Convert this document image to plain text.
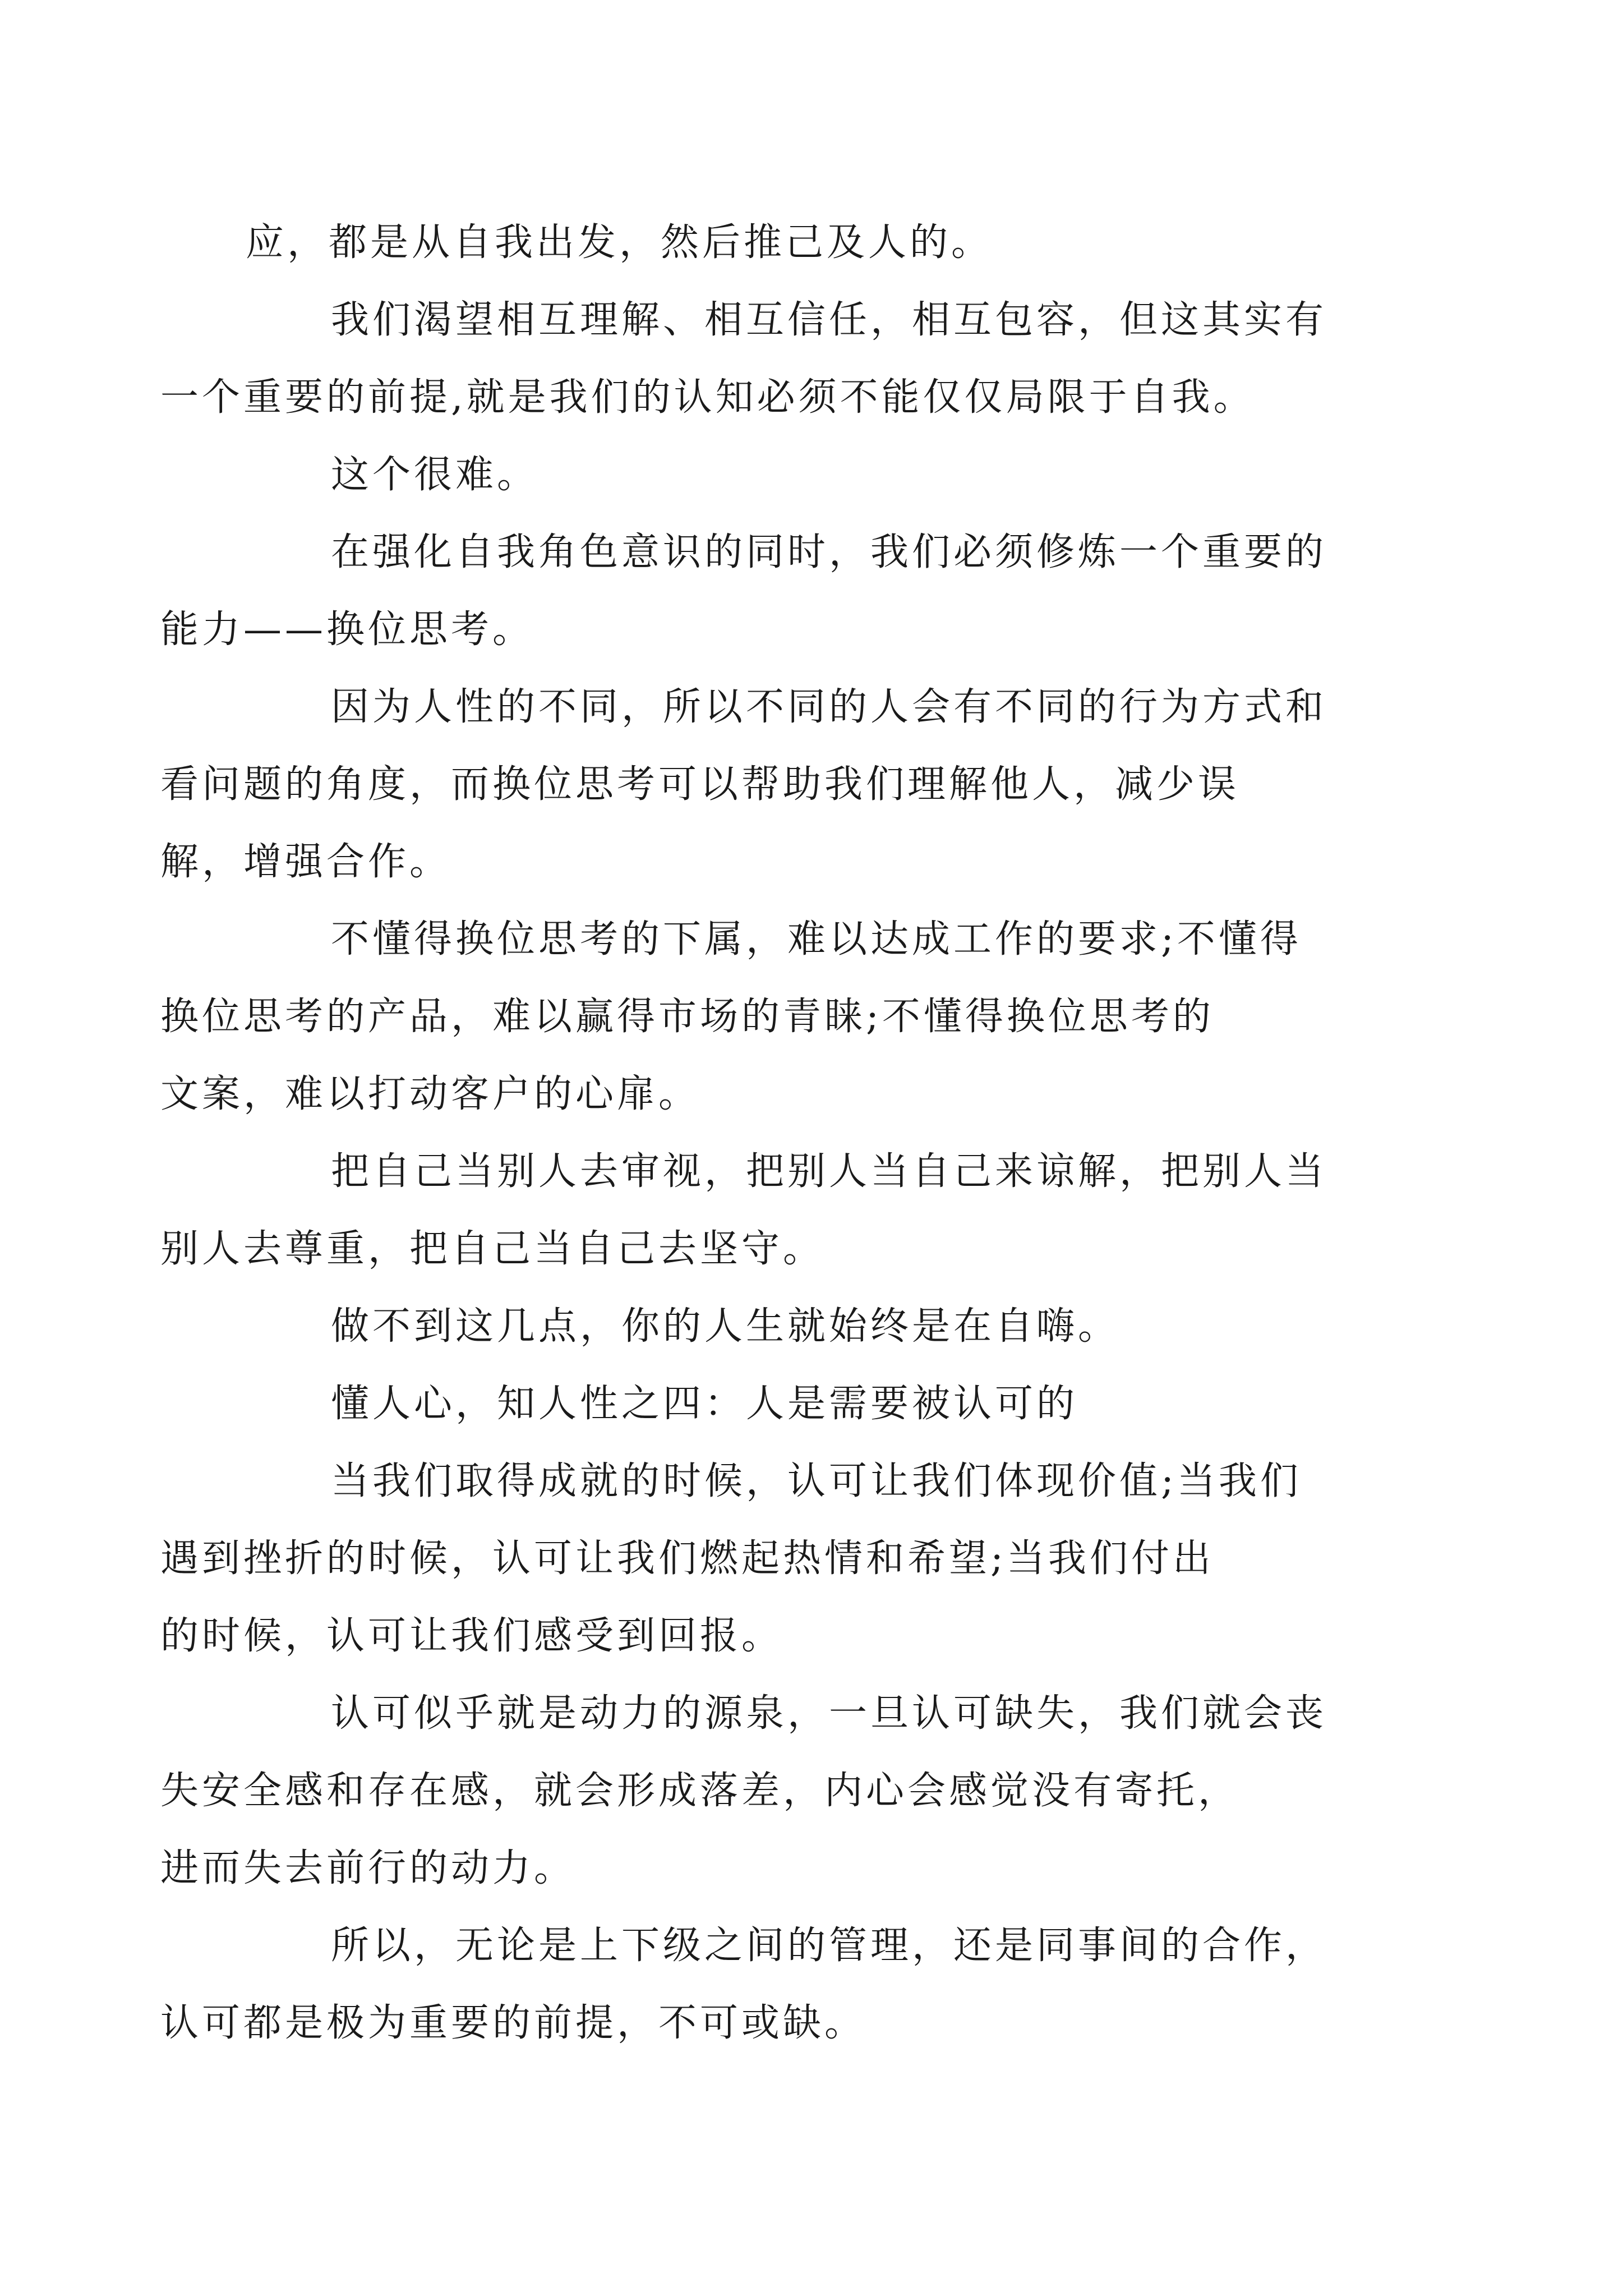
应，都是从自我出发，然后推己及人的。

我们渴望相互理解、相互信任，相互包容，但这其实有
一个重要的前提,就是我们的认知必须不能仅仅局限于自我。

这个很难。

在强化自我角色意识的同时，我们必须修炼一个重要的
能力——换位思考。

因为人性的不同，所以不同的人会有不同的行为方式和
看问题的角度，而换位思考可以帮助我们理解他人，减少误
解，增强合作。

不懂得换位思考的下属，难以达成工作的要求;不懂得
换位思考的产品，难以赢得市场的青睐;不懂得换位思考的
文案，难以打动客户的心扉。

把自己当别人去审视，把别人当自己来谅解，把别人当
别人去尊重，把自己当自己去坚守。

做不到这几点，你的人生就始终是在自嗨。

懂人心，知人性之四：人是需要被认可的

当我们取得成就的时候，认可让我们体现价值;当我们
遇到挫折的时候，认可让我们燃起热情和希望;当我们付出
的时候，认可让我们感受到回报。

认可似乎就是动力的源泉，一旦认可缺失，我们就会丧
失安全感和存在感，就会形成落差，内心会感觉没有寄托，
进而失去前行的动力。

所以，无论是上下级之间的管理，还是同事间的合作，
认可都是极为重要的前提，不可或缺。
